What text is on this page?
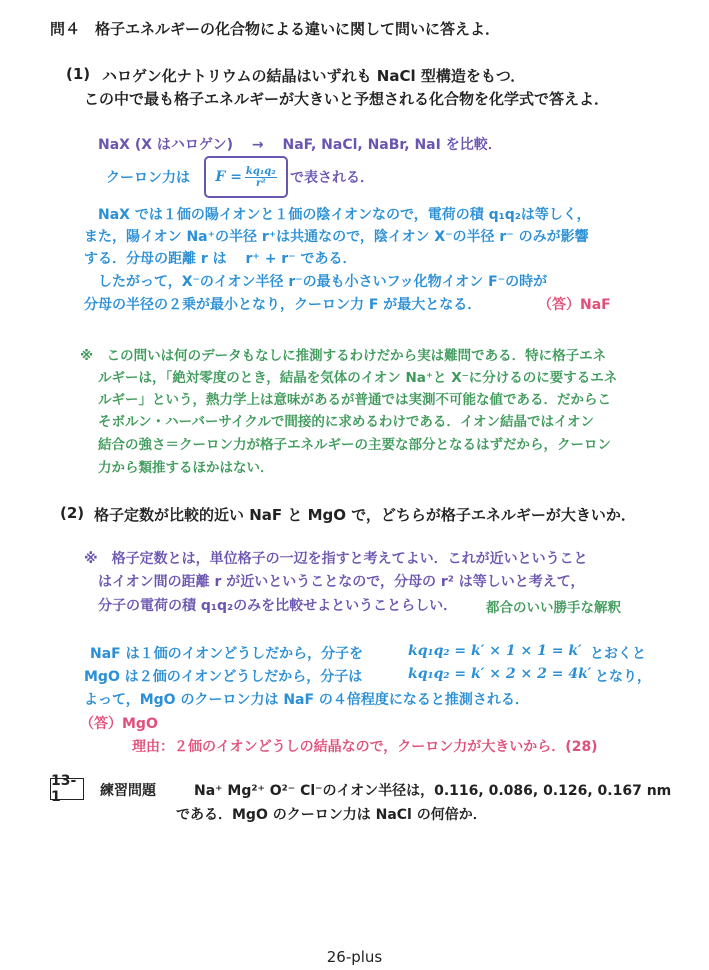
問４　格子エネルギーの化合物による違いに関して問いに答えよ．
(1) ハロゲン化ナトリウムの結晶はいずれも NaCl 型構造をもつ．
この中で最も格子エネルギーが大きいと予想される化合物を化学式で答えよ．
NaX (X はハロゲン)　 →　 NaF, NaCl, NaBr, NaI を比較．
クーロン力は $F = \frac{\text{kq₁q₂}}{\text{r²}}$ で表される．
NaX では１価の陽イオンと１価の陰イオンなので，電荷の積 q₁q₂は等しく，
また，陽イオン Na⁺の半径 r⁺は共通なので，陰イオン X⁻の半径 r⁻ のみが影響
する．分母の距離 r は　 r⁺ + r⁻ である．
したがって，X⁻のイオン半径 r⁻の最も小さいフッ化物イオン F⁻の時が
分母の半径の２乗が最小となり，クーロン力 F が最大となる．	（答）NaF
※　この問いは何のデータもなしに推測するわけだから実は難問である．特に格子エネ
ルギーは，「絶対零度のとき，結晶を気体のイオン Na⁺と X⁻に分けるのに要するエネ
ルギー」という，熱力学上は意味があるが普通では実測不可能な値である．だからこ
そボルン・ハーバーサイクルで間接的に求めるわけである．イオン結晶ではイオン
結合の強さ＝クーロン力が格子エネルギーの主要な部分となるはずだから，クーロン
力から類推するほかはない．
(2) 格子定数が比較的近い NaF と MgO で，どちらが格子エネルギーが大きいか．
※　格子定数とは，単位格子の一辺を指すと考えてよい．これが近いということ
はイオン間の距離 r が近いということなので，分母の r² は等しいと考えて，
分子の電荷の積 q₁q₂のみを比較せよということらしい． 都合のいい勝手な解釈
NaF は１価のイオンどうしだから，分子を	kq₁q₂ = k′ × 1 × 1 = k′ とおくと
MgO は２価のイオンどうしだから，分子は	kq₁q₂ = k′ × 2 × 2 = 4k′ となり，
よって，MgO のクーロン力は NaF の４倍程度になると推測される．
（答）MgO
理由：２価のイオンどうしの結晶なので，クーロン力が大きいから．(28)
13-1	練習問題	Na⁺ Mg²⁺ O²⁻ Cl⁻のイオン半径は，0.116, 0.086, 0.126, 0.167 nm
である．MgO のクーロン力は NaCl の何倍か．
26-plus
